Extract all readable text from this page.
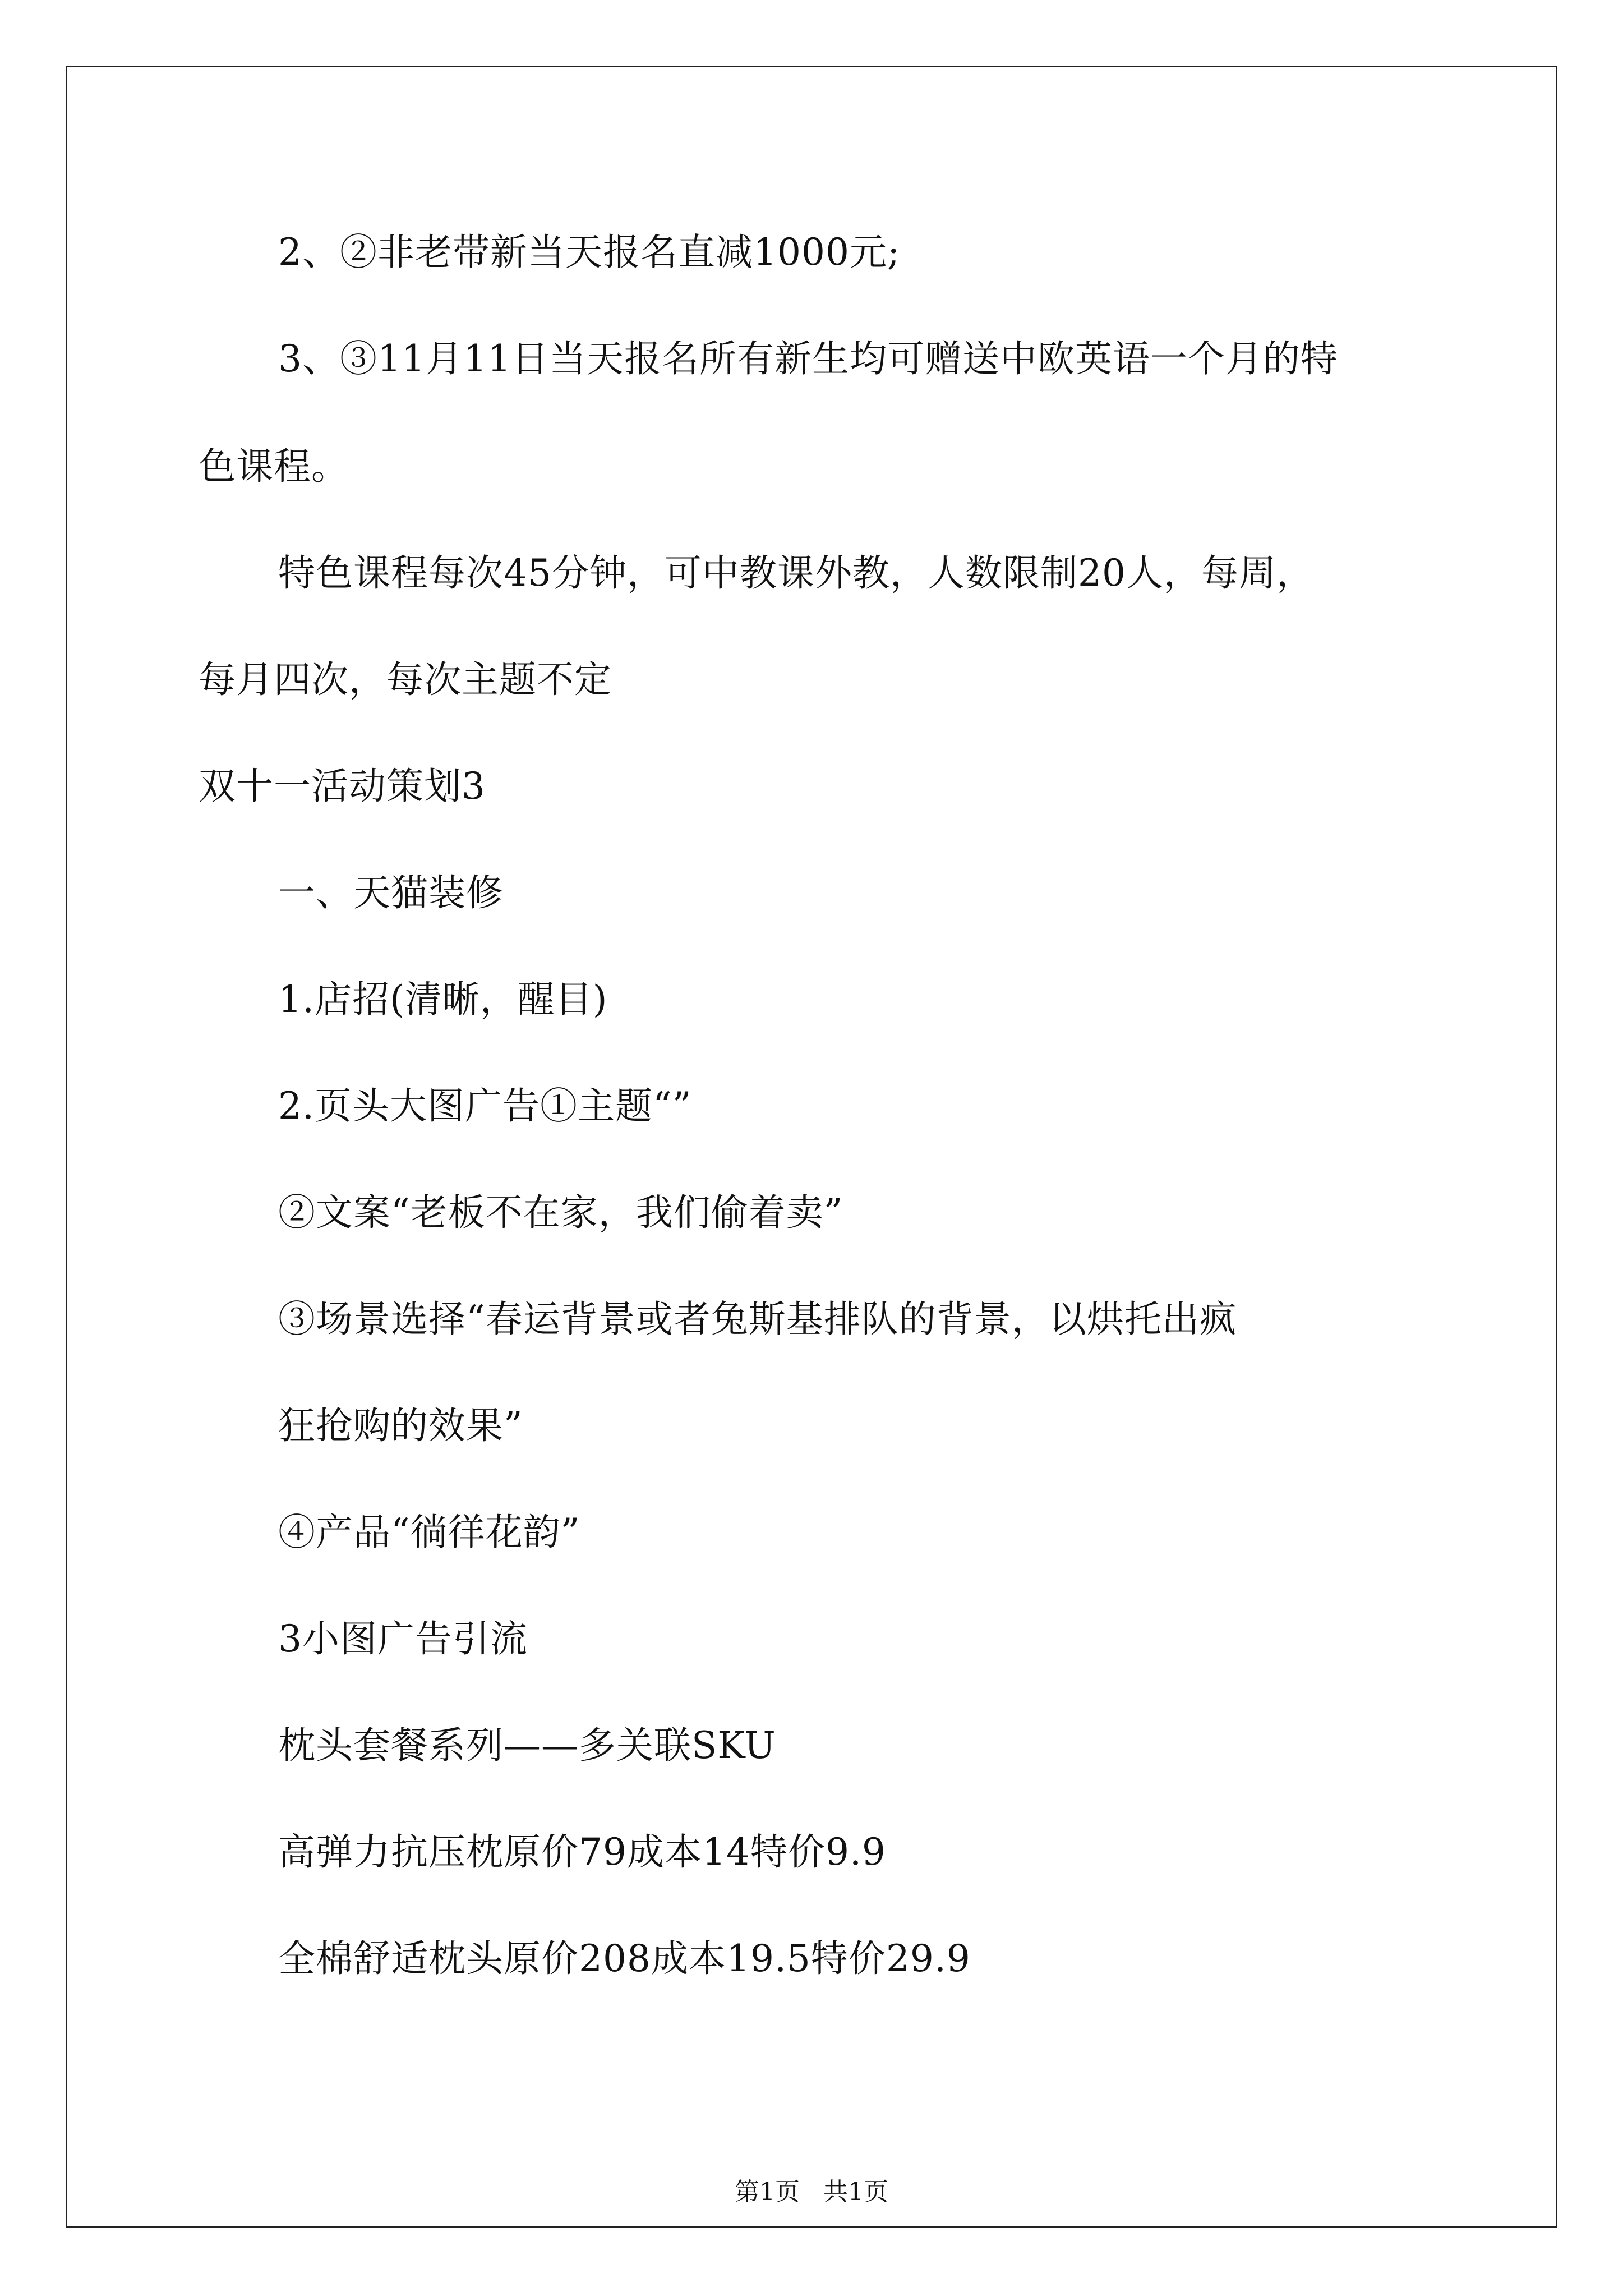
2、②非老带新当天报名直减1000元;
3、③11月11日当天报名所有新生均可赠送中欧英语一个月的特
色课程。
特色课程每次45分钟，可中教课外教，人数限制20人，每周，
每月四次，每次主题不定
双十一活动策划3
一、天猫装修
1.店招(清晰，醒目)
2.页头大图广告①主题“”
②文案“老板不在家，我们偷着卖”
③场景选择“春运背景或者兔斯基排队的背景，以烘托出疯
狂抢购的效果”
④产品“徜徉花韵”
3小图广告引流
枕头套餐系列——多关联SKU
高弹力抗压枕原价79成本14特价9.9
全棉舒适枕头原价208成本19.5特价29.9
第1页   共1页
